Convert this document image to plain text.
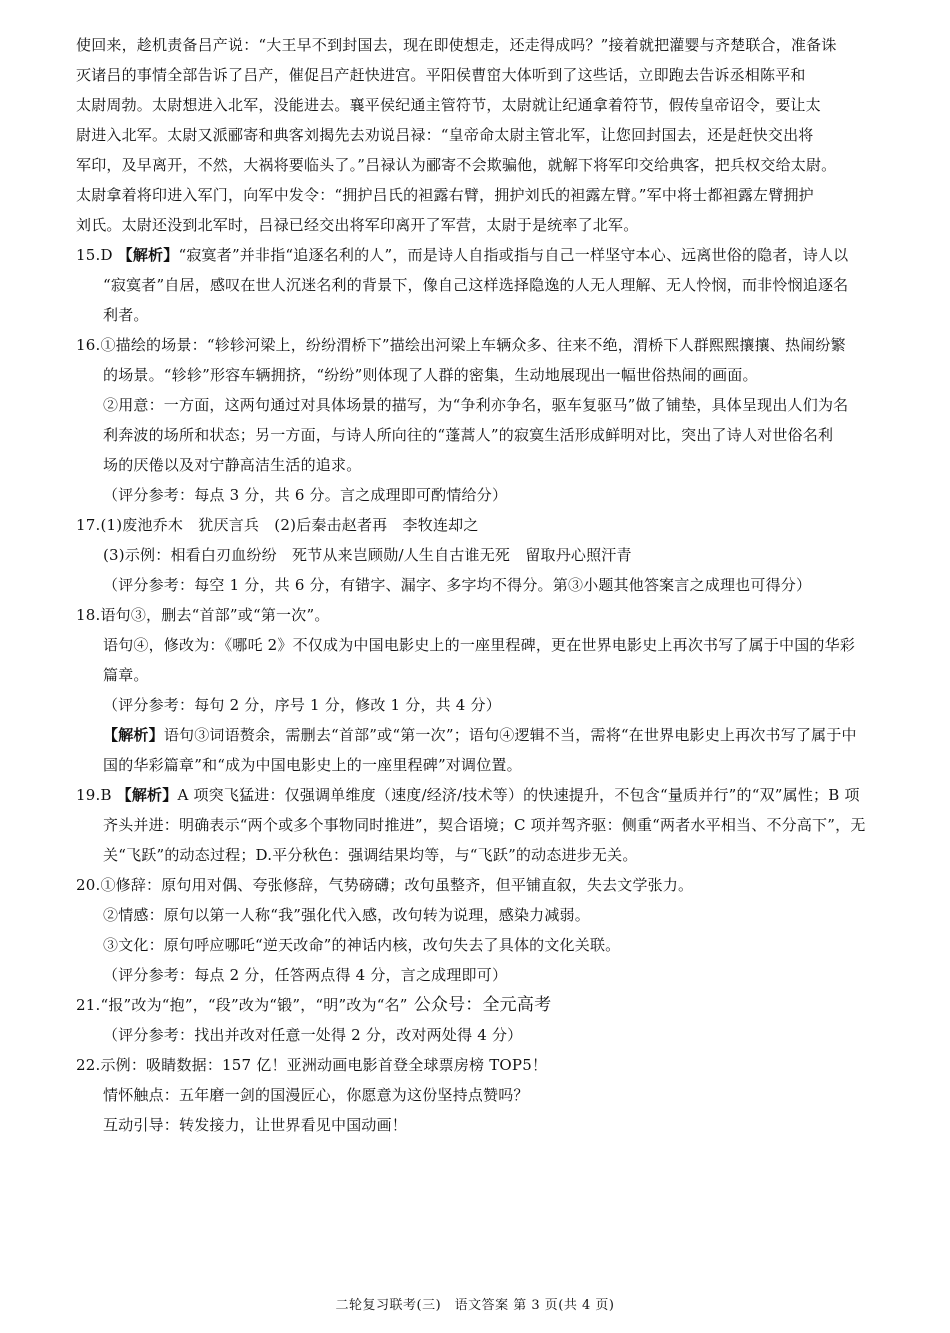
使回来，趁机责备吕产说：“大王早不到封国去，现在即使想走，还走得成吗？”接着就把灌婴与齐楚联合，准备诛
灭诸吕的事情全部告诉了吕产，催促吕产赶快进宫。平阳侯曹窋大体听到了这些话，立即跑去告诉丞相陈平和
太尉周勃。太尉想进入北军，没能进去。襄平侯纪通主管符节，太尉就让纪通拿着符节，假传皇帝诏令，要让太
尉进入北军。太尉又派郦寄和典客刘揭先去劝说吕禄：“皇帝命太尉主管北军，让您回封国去，还是赶快交出将
军印，及早离开，不然，大祸将要临头了。”吕禄认为郦寄不会欺骗他，就解下将军印交给典客，把兵权交给太尉。
太尉拿着将印进入军门，向军中发令：“拥护吕氏的袒露右臂，拥护刘氏的袒露左臂。”军中将士都袒露左臂拥护
刘氏。太尉还没到北军时，吕禄已经交出将军印离开了军营，太尉于是统率了北军。
15.D 【解析】“寂寞者”并非指“追逐名利的人”，而是诗人自指或指与自己一样坚守本心、远离世俗的隐者，诗人以
“寂寞者”自居，感叹在世人沉迷名利的背景下，像自己这样选择隐逸的人无人理解、无人怜悯，而非怜悯追逐名
利者。
16.①描绘的场景：“轸轸河梁上，纷纷渭桥下”描绘出河梁上车辆众多、往来不绝，渭桥下人群熙熙攘攘、热闹纷繁
的场景。“轸轸”形容车辆拥挤，“纷纷”则体现了人群的密集，生动地展现出一幅世俗热闹的画面。
②用意：一方面，这两句通过对具体场景的描写，为“争利亦争名，驱车复驱马”做了铺垫，具体呈现出人们为名
利奔波的场所和状态；另一方面，与诗人所向往的“蓬蒿人”的寂寞生活形成鲜明对比，突出了诗人对世俗名利
场的厌倦以及对宁静高洁生活的追求。
（评分参考：每点 3 分，共 6 分。言之成理即可酌情给分）
17.(1)废池乔木　犹厌言兵　(2)后秦击赵者再　李牧连却之
(3)示例：相看白刃血纷纷　死节从来岂顾勋/人生自古谁无死　留取丹心照汗青
（评分参考：每空 1 分，共 6 分，有错字、漏字、多字均不得分。第③小题其他答案言之成理也可得分）
18.语句③，删去“首部”或“第一次”。
语句④，修改为：《哪吒 2》不仅成为中国电影史上的一座里程碑，更在世界电影史上再次书写了属于中国的华彩
篇章。
（评分参考：每句 2 分，序号 1 分，修改 1 分，共 4 分）
【解析】语句③词语赘余，需删去“首部”或“第一次”；语句④逻辑不当，需将“在世界电影史上再次书写了属于中
国的华彩篇章”和“成为中国电影史上的一座里程碑”对调位置。
19.B 【解析】A 项突飞猛进：仅强调单维度（速度/经济/技术等）的快速提升，不包含“量质并行”的“双”属性；B 项
齐头并进：明确表示“两个或多个事物同时推进”，契合语境；C 项并驾齐驱：侧重“两者水平相当、不分高下”，无
关“飞跃”的动态过程；D.平分秋色：强调结果均等，与“飞跃”的动态进步无关。
20.①修辞：原句用对偶、夸张修辞，气势磅礴；改句虽整齐，但平铺直叙，失去文学张力。
②情感：原句以第一人称“我”强化代入感，改句转为说理，感染力减弱。
③文化：原句呼应哪吒“逆天改命”的神话内核，改句失去了具体的文化关联。
（评分参考：每点 2 分，任答两点得 4 分，言之成理即可）
21.“报”改为“抱”，“段”改为“锻”，“明”改为“名” 公众号：全元高考
（评分参考：找出并改对任意一处得 2 分，改对两处得 4 分）
22.示例：吸睛数据：157 亿！亚洲动画电影首登全球票房榜 TOP5！
情怀触点：五年磨一剑的国漫匠心，你愿意为这份坚持点赞吗？
互动引导：转发接力，让世界看见中国动画！
二轮复习联考(三)　语文答案 第 3 页(共 4 页)
